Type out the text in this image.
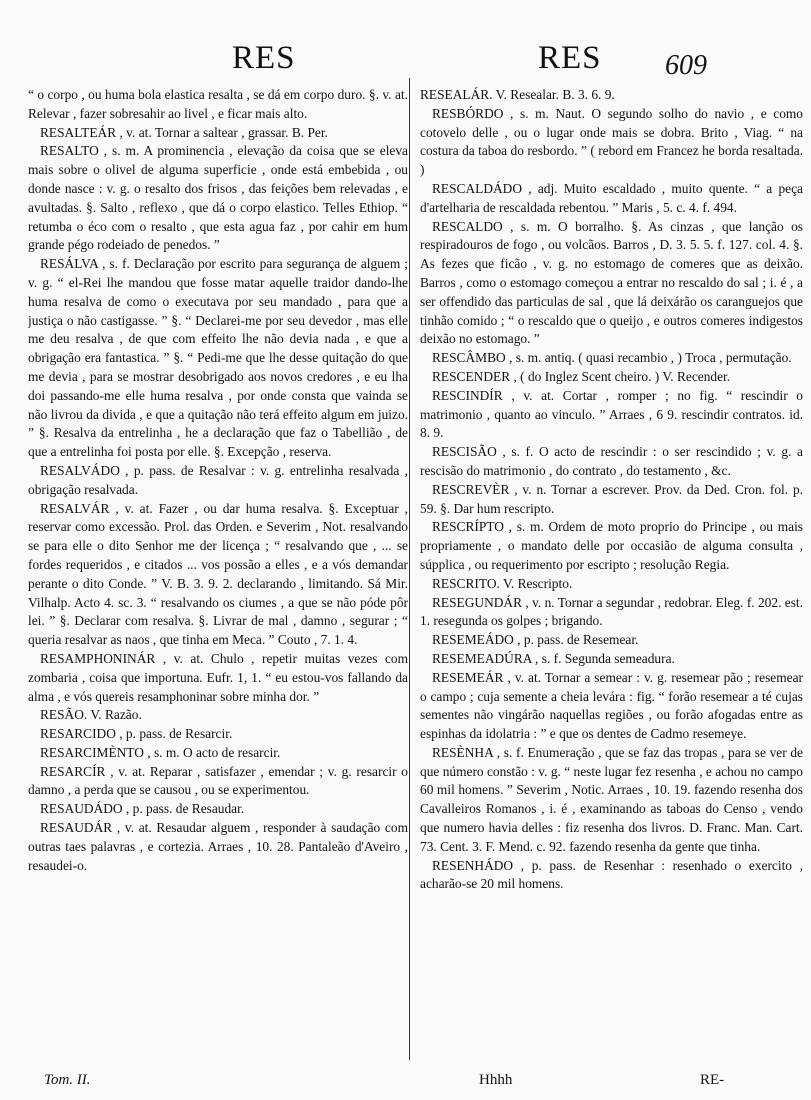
RES	RES 609

“ o corpo , ou huma bola elastica resalta , se dá em corpo duro. §. v. at. Relevar , fazer sobresahir ao livel , e ficar mais alto.

RESALTEÁR , v. at. Tornar a saltear , grassar. B. Per.

RESALTO , s. m. A prominencia , elevação da coisa que se eleva mais sobre o olivel de alguma superficie , onde está embebida , ou donde nasce : v. g. o resalto dos frisos , das feições bem relevadas , e avultadas. §. Salto , reflexo , que dá o corpo elastico. Telles Ethiop. “ retumba o éco com o resalto , que esta agua faz , por cahir em hum grande pégo rodeiado de penedos. ”

RESÁLVA , s. f. Declaração por escrito para segurança de alguem ; v. g. “ el-Rei lhe mandou que fosse matar aquelle traidor dando-lhe huma resalva de como o executava por seu mandado , para que a justiça o não castigasse. ” §. “ Declarei-me por seu devedor , mas elle me deu resalva , de que com effeito lhe não devia nada , e que a obrigação era fantastica. ” §. “ Pedi-me que lhe desse quitação do que me devia , para se mostrar desobrigado aos novos credores , e eu lha doi passando-me elle huma resalva , por onde consta que vainda se não livrou da divida , e que a quitação não terá effeito algum em juizo. ” §. Resalva da entrelinha , he a declaração que faz o Tabellião , de que a entrelinha foi posta por elle. §. Excepção , reserva.

RESALVÁDO , p. pass. de Resalvar : v. g. entrelinha resalvada , obrigação resalvada.

RESALVÁR , v. at. Fazer , ou dar huma resalva. §. Exceptuar , reservar como excessão. Prol. das Orden. e Severim , Not. resalvando se para elle o dito Senhor me der licença ; “ resalvando que , ... se fordes requeridos , e citados ... vos possão a elles , e a vós demandar perante o dito Conde. ” V. B. 3. 9. 2. declarando , limitando. Sá Mir. Vilhalp. Acto 4. sc. 3. “ resalvando os ciumes , a que se não póde pôr lei. ” §. Declarar com resalva. §. Livrar de mal , damno , segurar ; “ queria resalvar as naos , que tinha em Meca. ” Couto , 7. 1. 4.

RESAMPHONINÁR , v. at. Chulo , repetir muitas vezes com zombaria , coisa que importuna. Eufr. 1, 1. “ eu estou-vos fallando da alma , e vós quereis resamphoninar sobre minha dor. ”

RESÃO. V. Razão.

RESARCIDO , p. pass. de Resarcir.

RESARCIMÈNTO , s. m. O acto de resarcir.

RESARCÍR , v. at. Reparar , satisfazer , emendar ; v. g. resarcir o damno , a perda que se causou , ou se experimentou.

RESAUDÁDO , p. pass. de Resaudar.

RESAUDÁR , v. at. Resaudar alguem , responder à saudação com outras taes palavras , e cortezia. Arraes , 10. 28. Pantaleão d'Aveiro , resaudei-o.

RESEALÁR. V. Resealar. B. 3. 6. 9.

RESBÓRDO , s. m. Naut. O segundo solho do navio , e como cotovelo delle , ou o lugar onde mais se dobra. Brito , Viag. “ na costura da taboa do resbordo. ” ( rebord em Francez he borda resaltada. )

RESCALDÁDO , adj. Muito escaldado , muito quente. “ a peça d'artelharia de rescaldada rebentou. ” Maris , 5. c. 4. f. 494.

RESCALDO , s. m. O borralho. §. As cinzas , que lanção os respiradouros de fogo , ou volcãos. Barros , D. 3. 5. 5. f. 127. col. 4. §. As fezes que ficão , v. g. no estomago de comeres que as deixão. Barros , como o estomago começou a entrar no rescaldo do sal ; i. é , a ser offendido das particulas de sal , que lá deixárão os caranguejos que tinhão comido ; “ o rescaldo que o queijo , e outros comeres indigestos deixão no estomago. ”

RESCÂMBO , s. m. antiq. ( quasi recambio , ) Troca , permutação.

RESCENDER , ( do Inglez Scent cheiro. ) V. Recender.

RESCINDÍR , v. at. Cortar , romper ; no fig. “ rescindir o matrimonio , quanto ao vinculo. ” Arraes , 6 9. rescindir contratos. id. 8. 9.

RESCISÃO , s. f. O acto de rescindir : o ser rescindido ; v. g. a rescisão do matrimonio , do contrato , do testamento , &c.

RESCREVÈR , v. n. Tornar a escrever. Prov. da Ded. Cron. fol. p. 59. §. Dar hum rescripto.

RESCRÍPTO , s. m. Ordem de moto proprio do Principe , ou mais propriamente , o mandato delle por occasião de alguma consulta , súpplica , ou requerimento por escripto ; resolução Regia.

RESCRITO. V. Rescripto.

RESEGUNDÁR , v. n. Tornar a segundar , redobrar. Eleg. f. 202. est. 1. resegunda os golpes ; brigando.

RESEMEÁDO , p. pass. de Resemear.

RESEMEADÚRA , s. f. Segunda semeadura.

RESEMEÁR , v. at. Tornar a semear : v. g. resemear pão ; resemear o campo ; cuja semente a cheia levára : fig. “ forão resemear a té cujas sementes não vingárão naquellas regiões , ou forão afogadas entre as espinhas da idolatria : ” e que os dentes de Cadmo resemeye.

RESÈNHA , s. f. Enumeração , que se faz das tropas , para se ver de que número constão : v. g. “ neste lugar fez resenha , e achou no campo 60 mil homens. ” Severim , Notic. Arraes , 10. 19. fazendo resenha dos Cavalleiros Romanos , i. é , examinando as taboas do Censo , vendo que numero havia delles : fiz resenha dos livros. D. Franc. Man. Cart. 73. Cent. 3. F. Mend. c. 92. fazendo resenha da gente que tinha.

RESENHÁDO , p. pass. de Resenhar : resenhado o exercito , acharão-se 20 mil homens.

Tom. II.	Hhhh	RE-
